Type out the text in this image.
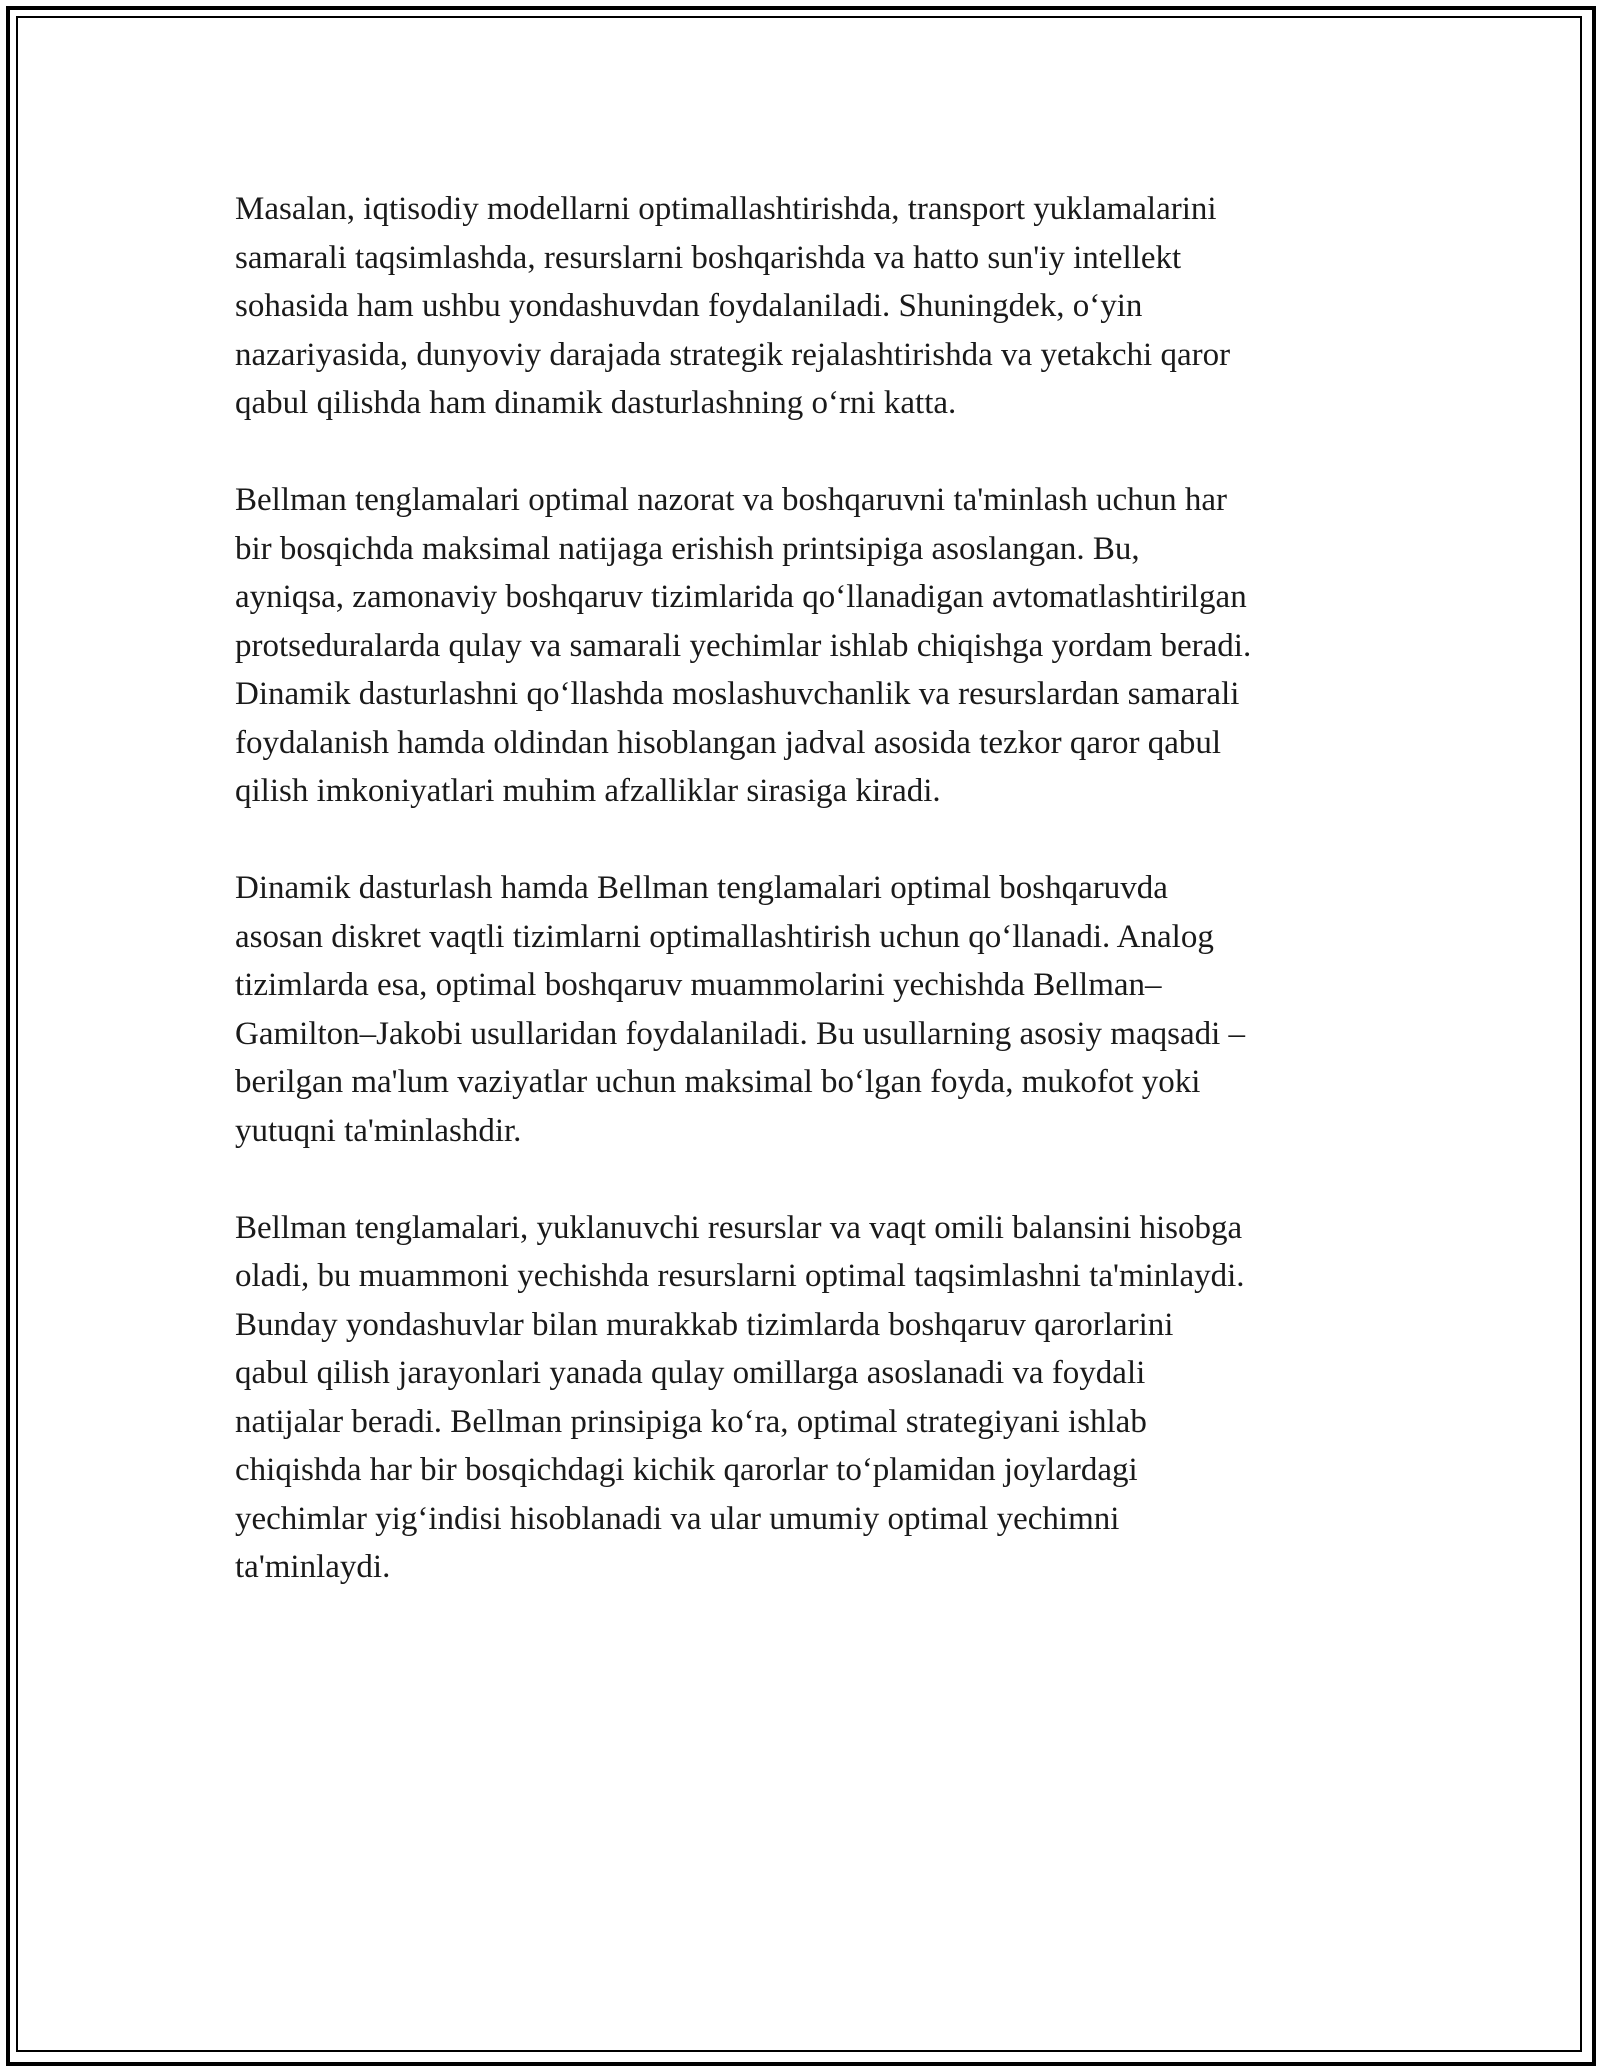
Masalan, iqtisodiy modellarni optimallashtirishda, transport yuklamalarini
samarali taqsimlashda, resurslarni boshqarishda va hatto sun'iy intellekt
sohasida ham ushbu yondashuvdan foydalaniladi. Shuningdek, o‘yin
nazariyasida, dunyoviy darajada strategik rejalashtirishda va yetakchi qaror
qabul qilishda ham dinamik dasturlashning o‘rni katta.

Bellman tenglamalari optimal nazorat va boshqaruvni ta'minlash uchun har
bir bosqichda maksimal natijaga erishish printsipiga asoslangan. Bu,
ayniqsa, zamonaviy boshqaruv tizimlarida qo‘llanadigan avtomatlashtirilgan
protseduralarda qulay va samarali yechimlar ishlab chiqishga yordam beradi.
Dinamik dasturlashni qo‘llashda moslashuvchanlik va resurslardan samarali
foydalanish hamda oldindan hisoblangan jadval asosida tezkor qaror qabul
qilish imkoniyatlari muhim afzalliklar sirasiga kiradi.

Dinamik dasturlash hamda Bellman tenglamalari optimal boshqaruvda
asosan diskret vaqtli tizimlarni optimallashtirish uchun qo‘llanadi. Analog
tizimlarda esa, optimal boshqaruv muammolarini yechishda Bellman–
Gamilton–Jakobi usullaridan foydalaniladi. Bu usullarning asosiy maqsadi –
berilgan ma'lum vaziyatlar uchun maksimal bo‘lgan foyda, mukofot yoki
yutuqni ta'minlashdir.

Bellman tenglamalari, yuklanuvchi resurslar va vaqt omili balansini hisobga
oladi, bu muammoni yechishda resurslarni optimal taqsimlashni ta'minlaydi.
Bunday yondashuvlar bilan murakkab tizimlarda boshqaruv qarorlarini
qabul qilish jarayonlari yanada qulay omillarga asoslanadi va foydali
natijalar beradi. Bellman prinsipiga ko‘ra, optimal strategiyani ishlab
chiqishda har bir bosqichdagi kichik qarorlar to‘plamidan joylardagi
yechimlar yig‘indisi hisoblanadi va ular umumiy optimal yechimni
ta'minlaydi.
